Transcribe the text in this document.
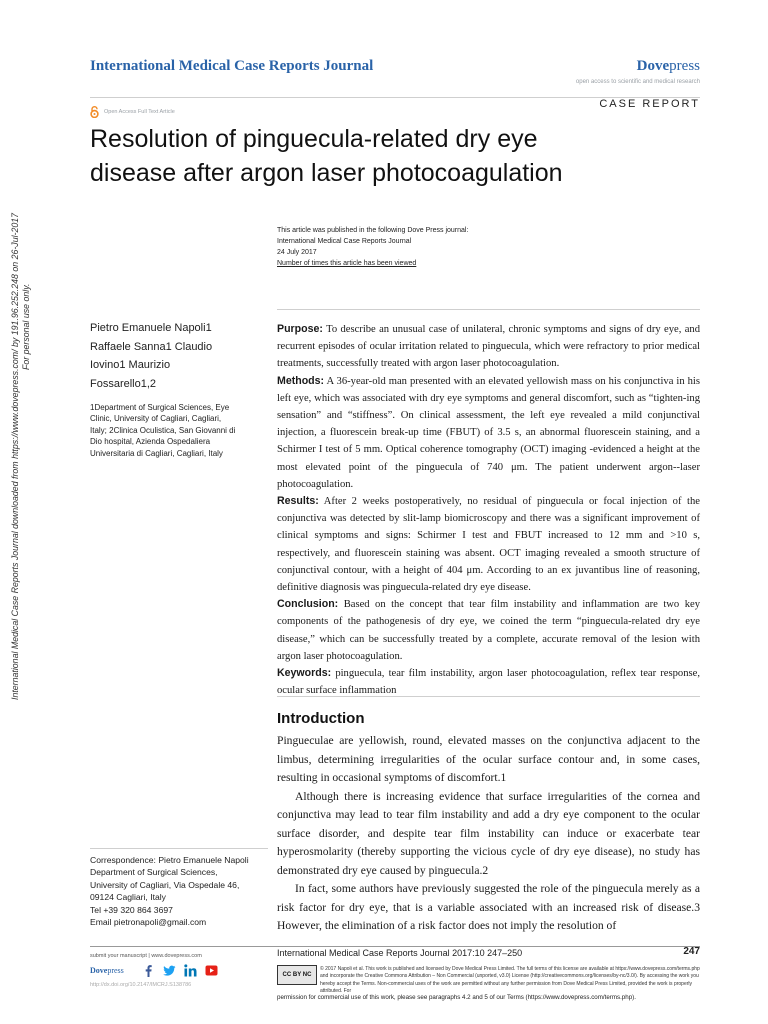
International Medical Case Reports Journal	Dovepress
open access to scientific and medical research
CASE REPORT
Open Access Full Text Article
Resolution of pinguecula-related dry eye
disease after argon laser photocoagulation
International Medical Case Reports Journal downloaded from https://www.dovepress.com/ by 191.96.252.248 on 26-Jul-2017 For personal use only.
This article was published in the following Dove Press journal:
International Medical Case Reports Journal
24 July 2017
Number of times this article has been viewed
Pietro Emanuele Napoli1
Raffaele Sanna1 Claudio
Iovino1 Maurizio
Fossarello1,2
1Department of Surgical Sciences, Eye
Clinic, University of Cagliari, Cagliari,
Italy; 2Clinica Oculistica, San Giovanni di
Dio hospital, Azienda Ospedaliera
Universitaria di Cagliari, Cagliari, Italy

Purpose: To describe an unusual case of unilateral, chronic symptoms and signs of dry eye, and recurrent episodes of ocular irritation related to pinguecula, which were refractory to prior medical treatments, successfully treated with argon laser photocoagulation.

Methods: A 36-year-old man presented with an elevated yellowish mass on his conjunctiva in his left eye, which was associated with dry eye symptoms and general discomfort, such as “tighten-ing sensation” and “stiffness”. On clinical assessment, the left eye revealed a mild conjunctival injection, a fluorescein break-up time (FBUT) of 3.5 s, an abnormal fluorescein staining, and a Schirmer I test of 5 mm. Optical coherence tomography (OCT) imaging -evidenced a height at the most elevated point of the pinguecula of 740 μm. The patient underwent argon--laser photocoagulation.

Results: After 2 weeks postoperatively, no residual of pinguecula or focal injection of the conjunctiva was detected by slit-lamp biomicroscopy and there was a significant improvement of clinical symptoms and signs: Schirmer I test and FBUT increased to 12 mm and >10 s, respectively, and fluorescein staining was absent. OCT imaging revealed a smooth structure of conjunctival contour, with a height of 404 μm. According to an ex juvantibus line of reasoning, definitive diagnosis was pinguecula-related dry eye disease.

Conclusion: Based on the concept that tear film instability and inflammation are two key components of the pathogenesis of dry eye, we coined the term “pinguecula-related dry eye disease,” which can be successfully treated by a complete, accurate removal of the lesion with argon laser photocoagulation.

Keywords: pinguecula, tear film instability, argon laser photocoagulation, reflex tear response, ocular surface inflammation

Introduction

Pingueculae are yellowish, round, elevated masses on the conjunctiva adjacent to the limbus, determining irregularities of the ocular surface contour and, in some cases, resulting in occasional symptoms of discomfort.1

Although there is increasing evidence that surface irregularities of the cornea and conjunctiva may lead to tear film instability and add a dry eye component to the ocular surface disorder, and despite tear film instability can induce or exacerbate tear hyperosmolarity (thereby supporting the vicious cycle of dry eye disease), no study has demonstrated dry eye caused by pinguecula.2

In fact, some authors have previously suggested the role of the pinguecula merely as a risk factor for dry eye, that is a variable associated with an increased risk of disease.3 However, the elimination of a risk factor does not imply the resolution of

Correspondence: Pietro Emanuele Napoli
Department of Surgical Sciences,
University of Cagliari, Via Ospedale 46,
09124 Cagliari, Italy
Tel +39 320 864 3697
Email pietronapoli@gmail.com
submit your manuscript | www.dovepress.com	International Medical Case Reports Journal 2017:10 247–250	247
Dovepress
http://dx.doi.org/10.2147/IMCRJ.S138786
CC BY NC
© 2017 Napoli et al. This work is published and licensed by Dove Medical Press Limited. The full terms of this license are available at https://www.dovepress.com/terms.php and incorporate the Creative Commons Attribution – Non Commercial (unported, v3.0) License (http://creativecommons.org/licenses/by-nc/3.0/). By accessing the work you hereby accept the Terms. Non-commercial uses of the work are permitted without any further permission from Dove Medical Press Limited, provided the work is properly attributed. For
permission for commercial use of this work, please see paragraphs 4.2 and 5 of our Terms (https://www.dovepress.com/terms.php).
